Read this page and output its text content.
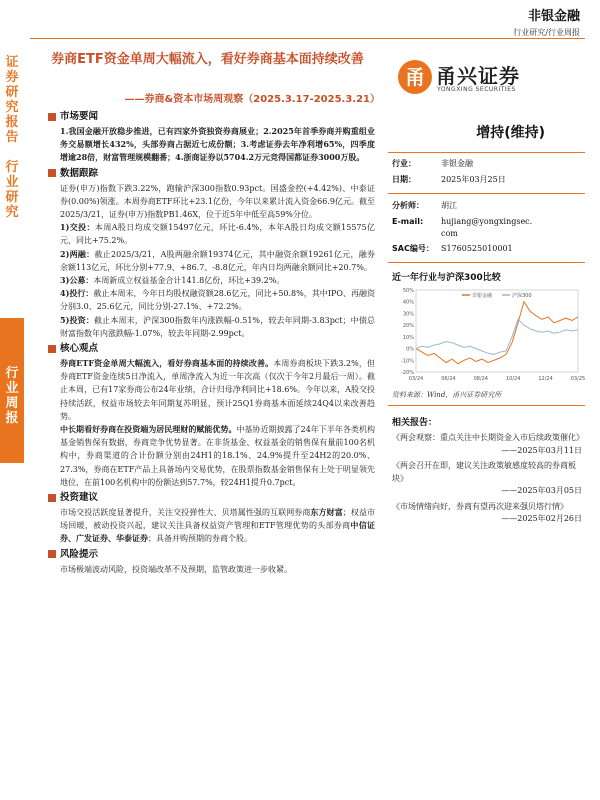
证
券
研
究
报
告

行
业
研
究
行
业
周
报
非银金融
行业研究/行业周报
券商ETF资金单周大幅流入，看好券商基本面持续改善
——券商&资本市场周观察（2025.3.17-2025.3.21）
市场要闻
1.我国金融开放稳步推进，已有四家外资独资券商展业；2.2025年首季券商并购重组业务交易额增长432%，头部券商占据近七成份额；3.考虑证券去年净利增65%，四季度增逾28倍，财富管理规模翻番；4.浙商证券以5704.2万元竞得国都证券3000万股。
数据跟踪
证券(申万)指数下跌3.22%，跑输沪深300指数0.93pct。国盛金控(+4.42%)、中泰证券(0.00%)领涨。本周券商ETF环比+23.1亿份，今年以来累计流入资金66.9亿元。截至2025/3/21，证券(申万)指数PB1.46X，位于近5年中低至高59%分位。
1)交投：本周A股日均成交额15497亿元，环比-6.4%，本年A股日均成交额15575亿元，同比+75.2%。
2)两融：截止2025/3/21，A股两融余额19374亿元，其中融资余额19261亿元，融券余额113亿元，环比分别+77.9、+86.7、-8.8亿元，年内日均两融余额同比+20.7%。
3)公募：本周新成立权益基金合计141.8亿份，环比+39.2%。
4)投行：截止本周末，今年日均股权融资额28.6亿元，同比+50.8%，其中IPO、再融资分别3.0、25.6亿元，同比分别-27.1%、+72.2%。
5)投资：截止本周末，沪深300指数年内涨跌幅-0.51%，较去年同期-3.83pct；中债总财富指数年内涨跌幅-1.07%，较去年同期-2.99pct。
核心观点
券商ETF资金单周大幅流入，看好券商基本面的持续改善。本周券商板块下跌3.2%，但券商ETF资金连续5日净流入，单周净流入为近一年次高（仅次于今年2月最后一周）。截止本周，已有17家券商公布24年业绩，合计归母净利同比+18.6%。今年以来，A股交投持续活跃，权益市场较去年同期复苏明显，预计25Q1券商基本面延续24Q4以来改善趋势。
中长期看好券商在投资端为居民理财的赋能优势。中基协近期披露了24年下半年各类机构基金销售保有数据，券商竞争优势显著。在非货基金、权益基金的销售保有量前100名机构中，券商渠道的合计份额分别由24H1的18.1%、24.9%提升至24H2的20.0%、27.3%，券商在ETF产品上具备场内交易优势，在股票指数基金销售保有上处于明显领先地位，在前100名机构中的份额达到57.7%，较24H1提升0.7pct。
投资建议
市场交投活跃度显著提升，关注交投弹性大、贝塔属性强的互联网券商东方财富；权益市场回暖，被动投资兴起，建议关注具备权益资产管理和ETF管理优势的头部券商中信证券、广发证券、华泰证券；具备并购预期的券商个股。
风险提示
市场极端波动风险，投资端改革不及预期，监管政策进一步收紧。
甬 甬兴证券
YONGXING SECURITIES
增持(维持)
行业：	非银金融
日期：	2025年03月25日
分析师： 胡江
E-mail: hujiang@yongxingsec.
com
SAC编号： S1760525010001
近一年行业与沪深300比较
50%
40%
30%
20%
10%
0%
-10%
-20%
03/24	06/24	08/24	10/24	12/24	03/25
非银金融	沪深300
资料来源：Wind，甬兴证券研究所
相关报告：
《两会观察：重点关注中长期资金入市后续政策催化》
——2025年03月11日
《两会召开在即，建议关注政策敏感度较高的券商板块》
——2025年03月05日
《市场情绪向好，券商有望再次迎来强贝塔行情》
——2025年02月26日
